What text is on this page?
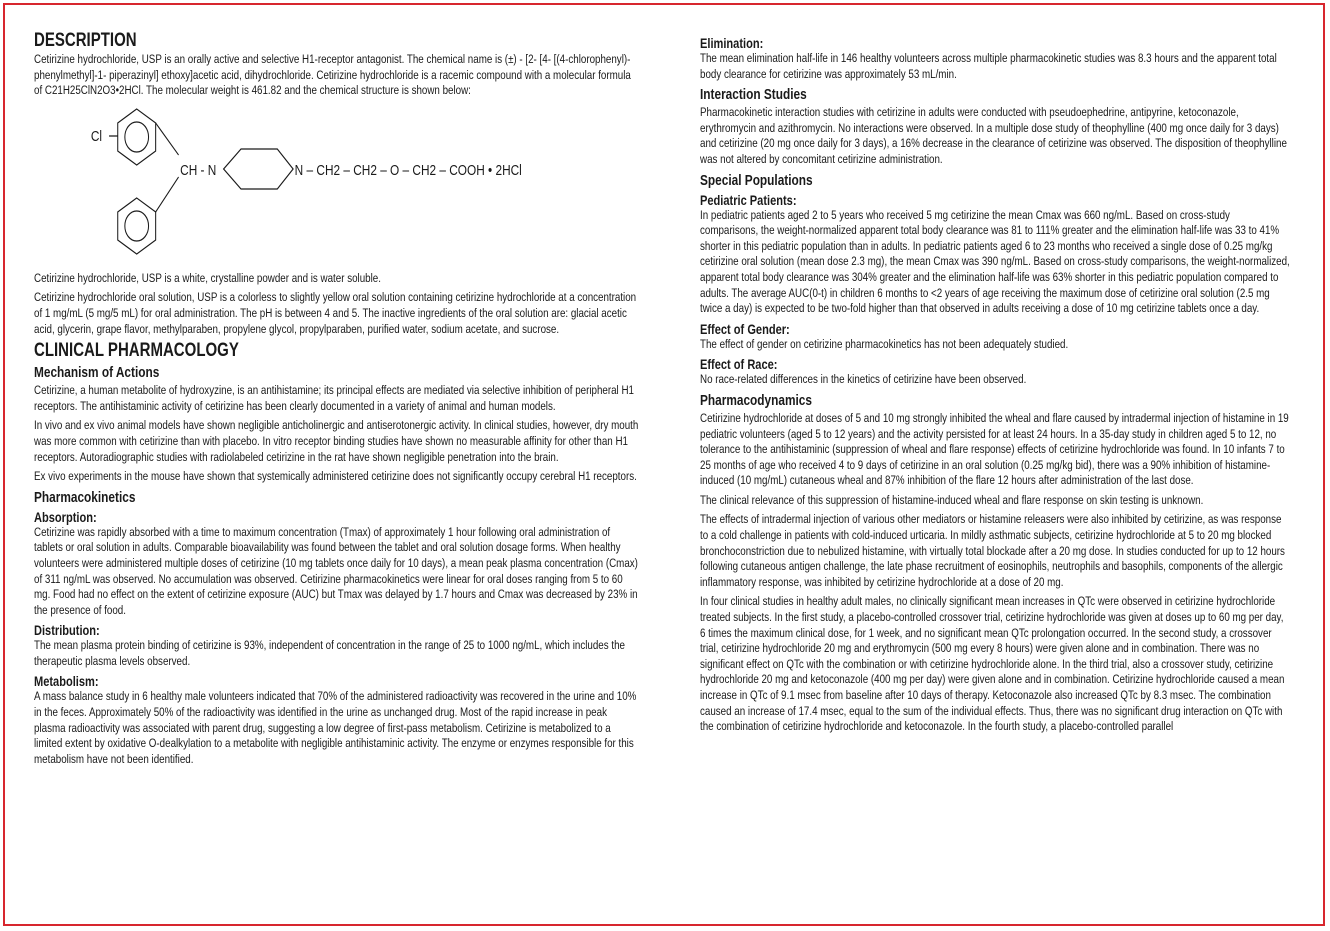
DESCRIPTION

Cetirizine hydrochloride, USP is an orally active and selective H1-receptor antagonist. The chemical name is (±) - [2- [4- [(4-chlorophenyl)-phenylmethyl]-1- piperazinyl] ethoxy]acetic acid, dihydrochloride. Cetirizine hydrochloride is a racemic compound with a molecular formula of C21H25ClN2O3•2HCl. The molecular weight is 461.82 and the chemical structure is shown below:

Cl
CH - N	N – CH2 – CH2 – O – CH2 – COOH • 2HCl

Cetirizine hydrochloride, USP is a white, crystalline powder and is water soluble.

Cetirizine hydrochloride oral solution, USP is a colorless to slightly yellow oral solution containing cetirizine hydrochloride at a concentration of 1 mg/mL (5 mg/5 mL) for oral administration. The pH is between 4 and 5. The inactive ingredients of the oral solution are: glacial acetic acid, glycerin, grape flavor, methylparaben, propylene glycol, propylparaben, purified water, sodium acetate, and sucrose.

CLINICAL PHARMACOLOGY
Mechanism of Actions

Cetirizine, a human metabolite of hydroxyzine, is an antihistamine; its principal effects are mediated via selective inhibition of peripheral H1 receptors. The antihistaminic activity of cetirizine has been clearly documented in a variety of animal and human models.

In vivo and ex vivo animal models have shown negligible anticholinergic and antiserotonergic activity. In clinical studies, however, dry mouth was more common with cetirizine than with placebo. In vitro receptor binding studies have shown no measurable affinity for other than H1 receptors. Autoradiographic studies with radiolabeled cetirizine in the rat have shown negligible penetration into the brain.

Ex vivo experiments in the mouse have shown that systemically administered cetirizine does not significantly occupy cerebral H1 receptors.

Pharmacokinetics
Absorption:

Cetirizine was rapidly absorbed with a time to maximum concentration (Tmax) of approximately 1 hour following oral administration of tablets or oral solution in adults. Comparable bioavailability was found between the tablet and oral solution dosage forms. When healthy volunteers were administered multiple doses of cetirizine (10 mg tablets once daily for 10 days), a mean peak plasma concentration (Cmax) of 311 ng/mL was observed. No accumulation was observed. Cetirizine pharmacokinetics were linear for oral doses ranging from 5 to 60 mg. Food had no effect on the extent of cetirizine exposure (AUC) but Tmax was delayed by 1.7 hours and Cmax was decreased by 23% in the presence of food.

Distribution:

The mean plasma protein binding of cetirizine is 93%, independent of concentration in the range of 25 to 1000 ng/mL, which includes the therapeutic plasma levels observed.

Metabolism:

A mass balance study in 6 healthy male volunteers indicated that 70% of the administered radioactivity was recovered in the urine and 10% in the feces. Approximately 50% of the radioactivity was identified in the urine as unchanged drug. Most of the rapid increase in peak plasma radioactivity was associated with parent drug, suggesting a low degree of first-pass metabolism. Cetirizine is metabolized to a limited extent by oxidative O-dealkylation to a metabolite with negligible antihistaminic activity. The enzyme or enzymes responsible for this metabolism have not been identified.

Elimination:

The mean elimination half-life in 146 healthy volunteers across multiple pharmacokinetic studies was 8.3 hours and the apparent total body clearance for cetirizine was approximately 53 mL/min.

Interaction Studies

Pharmacokinetic interaction studies with cetirizine in adults were conducted with pseudoephedrine, antipyrine, ketoconazole, erythromycin and azithromycin. No interactions were observed. In a multiple dose study of theophylline (400 mg once daily for 3 days) and cetirizine (20 mg once daily for 3 days), a 16% decrease in the clearance of cetirizine was observed. The disposition of theophylline was not altered by concomitant cetirizine administration.

Special Populations
Pediatric Patients:

In pediatric patients aged 2 to 5 years who received 5 mg cetirizine the mean Cmax was 660 ng/mL. Based on cross-study comparisons, the weight-normalized apparent total body clearance was 81 to 111% greater and the elimination half-life was 33 to 41% shorter in this pediatric population than in adults. In pediatric patients aged 6 to 23 months who received a single dose of 0.25 mg/kg cetirizine oral solution (mean dose 2.3 mg), the mean Cmax was 390 ng/mL. Based on cross-study comparisons, the weight-normalized, apparent total body clearance was 304% greater and the elimination half-life was 63% shorter in this pediatric population compared to adults. The average AUC(0-t) in children 6 months to <2 years of age receiving the maximum dose of cetirizine oral solution (2.5 mg twice a day) is expected to be two-fold higher than that observed in adults receiving a dose of 10 mg cetirizine tablets once a day.

Effect of Gender:

The effect of gender on cetirizine pharmacokinetics has not been adequately studied.

Effect of Race:

No race-related differences in the kinetics of cetirizine have been observed.

Pharmacodynamics

Cetirizine hydrochloride at doses of 5 and 10 mg strongly inhibited the wheal and flare caused by intradermal injection of histamine in 19 pediatric volunteers (aged 5 to 12 years) and the activity persisted for at least 24 hours. In a 35-day study in children aged 5 to 12, no tolerance to the antihistaminic (suppression of wheal and flare response) effects of cetirizine hydrochloride was found. In 10 infants 7 to 25 months of age who received 4 to 9 days of cetirizine in an oral solution (0.25 mg/kg bid), there was a 90% inhibition of histamine-induced (10 mg/mL) cutaneous wheal and 87% inhibition of the flare 12 hours after administration of the last dose.

The clinical relevance of this suppression of histamine-induced wheal and flare response on skin testing is unknown.

The effects of intradermal injection of various other mediators or histamine releasers were also inhibited by cetirizine, as was response to a cold challenge in patients with cold-induced urticaria. In mildly asthmatic subjects, cetirizine hydrochloride at 5 to 20 mg blocked bronchoconstriction due to nebulized histamine, with virtually total blockade after a 20 mg dose. In studies conducted for up to 12 hours following cutaneous antigen challenge, the late phase recruitment of eosinophils, neutrophils and basophils, components of the allergic inflammatory response, was inhibited by cetirizine hydrochloride at a dose of 20 mg.

In four clinical studies in healthy adult males, no clinically significant mean increases in QTc were observed in cetirizine hydrochloride treated subjects. In the first study, a placebo-controlled crossover trial, cetirizine hydrochloride was given at doses up to 60 mg per day, 6 times the maximum clinical dose, for 1 week, and no significant mean QTc prolongation occurred. In the second study, a crossover trial, cetirizine hydrochloride 20 mg and erythromycin (500 mg every 8 hours) were given alone and in combination. There was no significant effect on QTc with the combination or with cetirizine hydrochloride alone. In the third trial, also a crossover study, cetirizine hydrochloride 20 mg and ketoconazole (400 mg per day) were given alone and in combination. Cetirizine hydrochloride caused a mean increase in QTc of 9.1 msec from baseline after 10 days of therapy. Ketoconazole also increased QTc by 8.3 msec. The combination caused an increase of 17.4 msec, equal to the sum of the individual effects. Thus, there was no significant drug interaction on QTc with the combination of cetirizine hydrochloride and ketoconazole. In the fourth study, a placebo-controlled parallel
